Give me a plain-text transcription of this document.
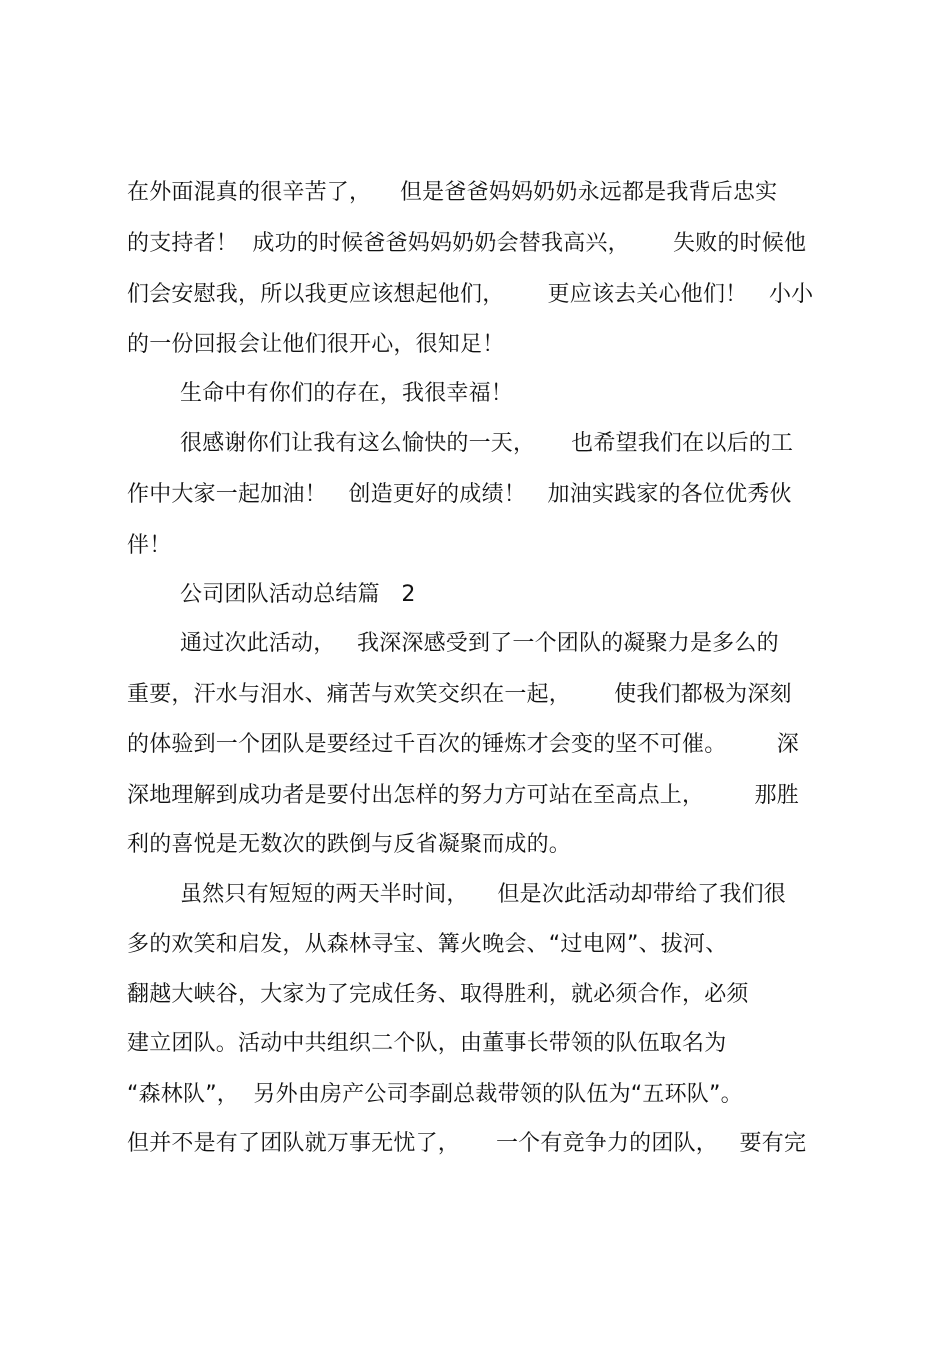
在外面混真的很辛苦了，    但是爸爸妈妈奶奶永远都是我背后忠实
的支持者！  成功的时候爸爸妈妈奶奶会替我高兴，      失败的时候他
们会安慰我，所以我更应该想起他们，      更应该去关心他们！   小小
的一份回报会让他们很开心，很知足！
生命中有你们的存在，我很幸福！
很感谢你们让我有这么愉快的一天，     也希望我们在以后的工
作中大家一起加油！   创造更好的成绩！   加油实践家的各位优秀伙
伴！
公司团队活动总结篇   2
通过次此活动，   我深深感受到了一个团队的凝聚力是多么的
重要，汗水与泪水、痛苦与欢笑交织在一起，      使我们都极为深刻
的体验到一个团队是要经过千百次的锤炼才会变的坚不可催。       深
深地理解到成功者是要付出怎样的努力方可站在至高点上，       那胜
利的喜悦是无数次的跌倒与反省凝聚而成的。
虽然只有短短的两天半时间，    但是次此活动却带给了我们很
多的欢笑和启发，从森林寻宝、篝火晚会、“过电网”、拔河、
翻越大峡谷，大家为了完成任务、取得胜利，就必须合作，必须
建立团队。活动中共组织二个队，由董事长带领的队伍取名为
“森林队”，  另外由房产公司李副总裁带领的队伍为“五环队”。
但并不是有了团队就万事无忧了，     一个有竞争力的团队，   要有完
